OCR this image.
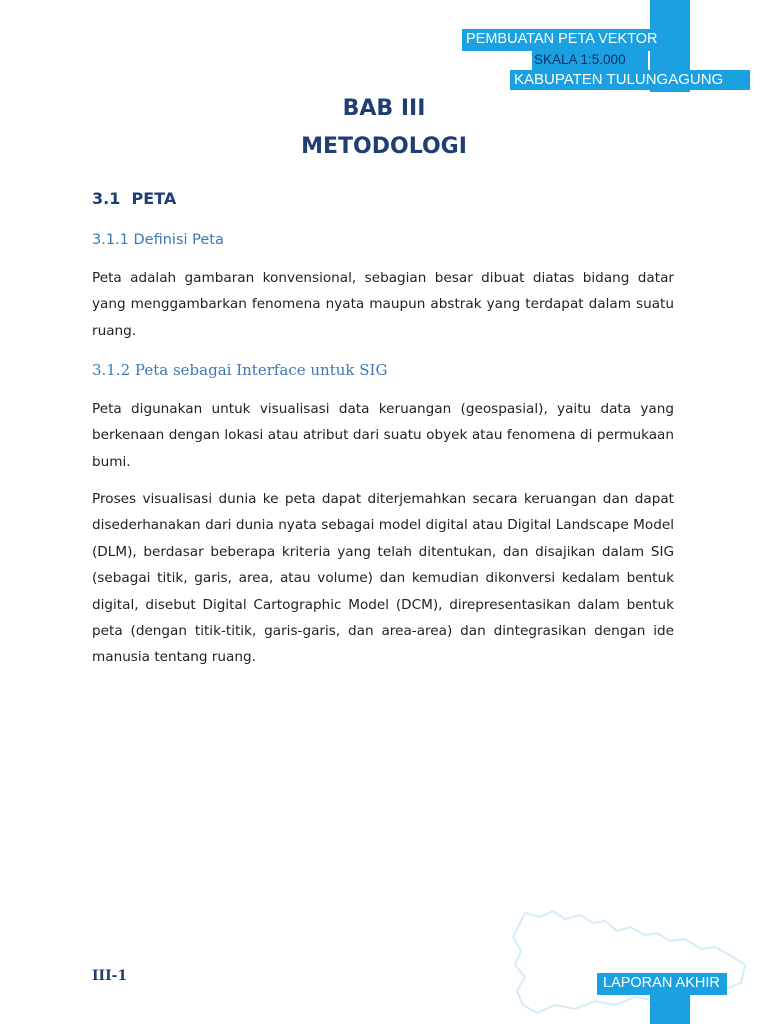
PEMBUATAN PETA VEKTOR
SKALA 1:5.000
KABUPATEN TULUNGAGUNG
BAB III
METODOLOGI
3.1  PETA
3.1.1 Definisi Peta

Peta adalah gambaran konvensional, sebagian besar dibuat diatas bidang datar yang menggambarkan fenomena nyata maupun abstrak yang terdapat dalam suatu ruang.

3.1.2 Peta sebagai Interface untuk SIG

Peta digunakan untuk visualisasi data keruangan (geospasial), yaitu data yang berkenaan dengan lokasi atau atribut dari suatu obyek atau fenomena di permukaan bumi.

Proses visualisasi dunia ke peta dapat diterjemahkan secara keruangan dan dapat disederhanakan dari dunia nyata sebagai model digital atau Digital Landscape Model (DLM), berdasar beberapa kriteria yang telah ditentukan, dan disajikan dalam SIG (sebagai titik, garis, area, atau volume) dan kemudian dikonversi kedalam bentuk digital, disebut Digital Cartographic Model (DCM), direpresentasikan dalam bentuk peta (dengan titik-titik, garis-garis, dan area-area) dan dintegrasikan dengan ide manusia tentang ruang.

LAPORAN AKHIR
III-1
